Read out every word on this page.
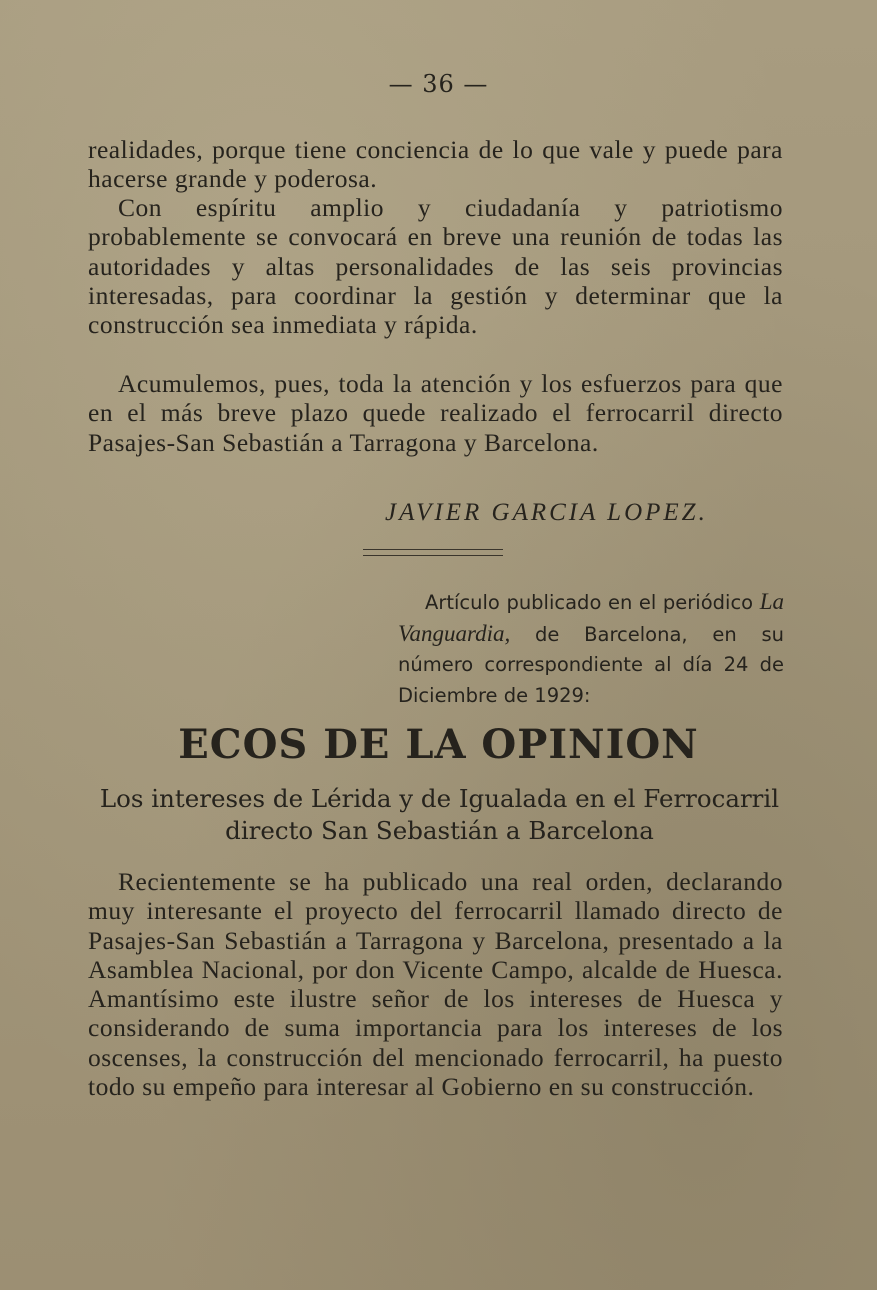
— 36 —

realidades, porque tiene conciencia de lo que vale y puede para hacerse grande y poderosa.

Con espíritu amplio y ciudadanía y patriotismo probablemente se convocará en breve una reunión de todas las autoridades y altas personalidades de las seis provincias interesadas, para coordinar la gestión y determinar que la construcción sea inmediata y rápida.

Acumulemos, pues, toda la atención y los esfuerzos para que en el más breve plazo quede realizado el ferrocarril directo Pasajes-San Sebastián a Tarragona y Barcelona.

JAVIER GARCIA LOPEZ.

Artículo publicado en el periódico La Vanguardia, de Barcelona, en su número correspondiente al día 24 de Diciembre de 1929:

ECOS DE LA OPINION

Los intereses de Lérida y de Igualada en el Ferrocarril directo San Sebastián a Barcelona

Recientemente se ha publicado una real orden, declarando muy interesante el proyecto del ferrocarril llamado directo de Pasajes-San Sebastián a Tarragona y Barcelona, presentado a la Asamblea Nacional, por don Vicente Campo, alcalde de Huesca. Amantísimo este ilustre señor de los intereses de Huesca y considerando de suma importancia para los intereses de los oscenses, la construcción del mencionado ferrocarril, ha puesto todo su empeño para interesar al Gobierno en su construcción.
